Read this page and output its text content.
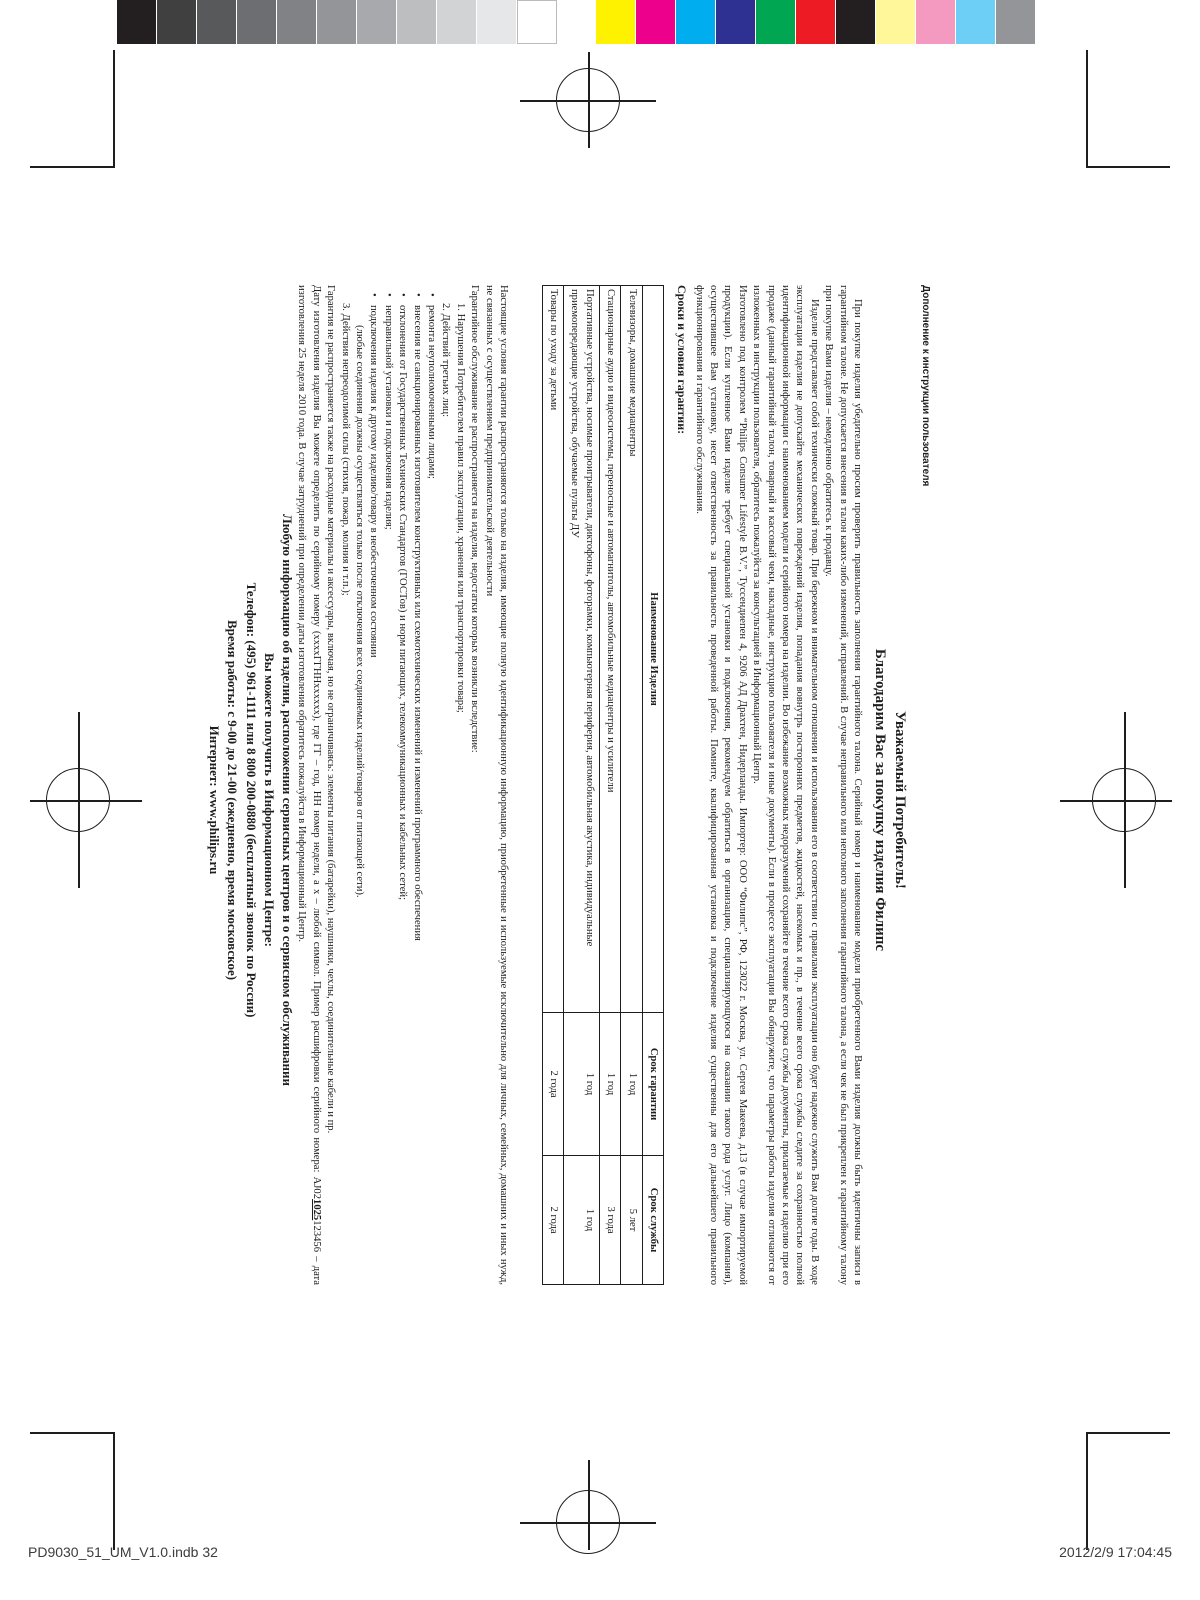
Дополнение к инструкции пользователя
Уважаемый Потребитель!
Благодарим Вас за покупку изделия Филипс

При покупке изделия убедительно просим проверить правильность заполнения гарантийного талона. Серийный номер и наименование модели приобретенного Вами изделия должны быть идентичны записи в гарантийном талоне. Не допускается внесения в талон каких-либо изменений, исправлений. В случае неправильного или неполного заполнения гарантийного талона, а если чек не был прикреплен к гарантийному талону при покупке Вами изделия – немедленно обратитесь к продавцу.

Изделие представляет собой технически сложный товар. При бережном и внимательном отношении и использовании его в соответствии с правилами эксплуатации оно будет надежно служить Вам долгие годы. В ходе эксплуатации изделия не допускайте механических повреждений изделия, попадания вовнутрь посторонних предметов, жидкостей, насекомых и пр., в течение всего срока службы следите за сохранностью полной идентификационной информации с наименованием модели и серийного номера на изделии. Во избежание возможных недоразумений сохраняйте в течение всего срока службы документы, прилагаемые к изделию при его продаже (данный гарантийный талон, товарный и кассовый чеки, накладные, инструкцию пользователя и иные документы). Если в процессе эксплуатации Вы обнаружите, что параметры работы изделия отличаются от изложенных в инструкции пользователя, обратитесь пожалуйста за консультацией в Информационный Центр.

Изготовлено под контролем “Philips Consumer Lifestyle B.V.”, Туссендиепен 4, 9206 АД Драхтен, Нидерланды. Импортер: ООО “Филипс”, РФ, 123022 г. Москва, ул. Сергея Макеева, д.13 (в случае импортируемой продукции). Если купленное Вами изделие требует специальной установки и подключения, рекомендуем обратиться в организацию, специализирующуюся на оказании такого рода услуг. Лицо (компания), осуществившее Вам установку, несет ответственность за правильность проведенной работы. Помните, квалифицированная установка и подключение изделия существенны для его дальнейшего правильного функционирования и гарантийного обслуживания.

Сроки и условия гарантии:
Наименование Изделия	Срок гарантии	Срок службы
Телевизоры, домашние медиацентры	1 год	5 лет
Стационарные аудио и видеосистемы, переносные и автомагнитолы, автомобильные медиацентры и усилители	1 год	3 года
Портативные устройства, носимые проигрыватели, диктофоны, фоторамки, компьютерная периферия, автомобильная акустика, индивидуальные приемопередающие устройства, обучаемые пульты ДУ	1 год	1 год
Товары по уходу за детьми	2 года	2 года

Настоящие условия гарантии распространяются только на изделия, имеющие полную идентификационную информацию, приобретенные и используемые исключительно для личных, семейных, домашних и иных нужд, не связанных с осуществлением предпринимательской деятельности

Гарантийное обслуживание не распространяется на изделия, недостатки которых возникли вследствие:

1. Нарушения Потребителем правил эксплуатации, хранения или транспортировки товара;

2. Действий третьих лиц:

• ремонта неуполномоченными лицами;
• внесения не санкционированных изготовителем конструктивных или схемотехнических изменений и изменений программного обеспечения
• отклонения от Государственных Технических Стандартов (ГОСТов) и норм питающих, телекоммуникационных и кабельных сетей;
• неправильной установки и подключения изделия;
• подключения изделия к другому изделию/товару в необесточенном состоянии

(любые соединения должны осуществляться только после отключения всех соединяемых изделий/товаров от питающей сети).

3. Действия непреодолимой силы (стихия, пожар, молния и т.п.);

Гарантия не распространяется также на расходные материалы и аксессуары, включая, но не ограничиваясь: элементы питания (батарейки), наушники, чехлы, соединительные кабели и пр.

Дату изготовления изделия Вы можете определить по серийному номеру (xxxxГГННxxxxxx), где ГГ – год, НН номер недели, а x – любой символ. Пример расшифровки серийного номера: AJ021025123456 – дата изготовления 25 неделя 2010 года. В случае затруднений при определении даты изготовления обратитесь пожалуйста в Информационный Центр.

Любую информацию об изделии, расположении сервисных центров и о сервисном обслуживании
Вы можете получить в Информационном Центре:
Телефон: (495) 961-1111 или 8 800 200-0880 (бесплатный звонок по России)
Время работы: с 9-00 до 21-00 (ежедневно, время московское)
Интернет: www.philips.ru
PD9030_51_UM_V1.0.indb 32	2012/2/9 17:04:45
